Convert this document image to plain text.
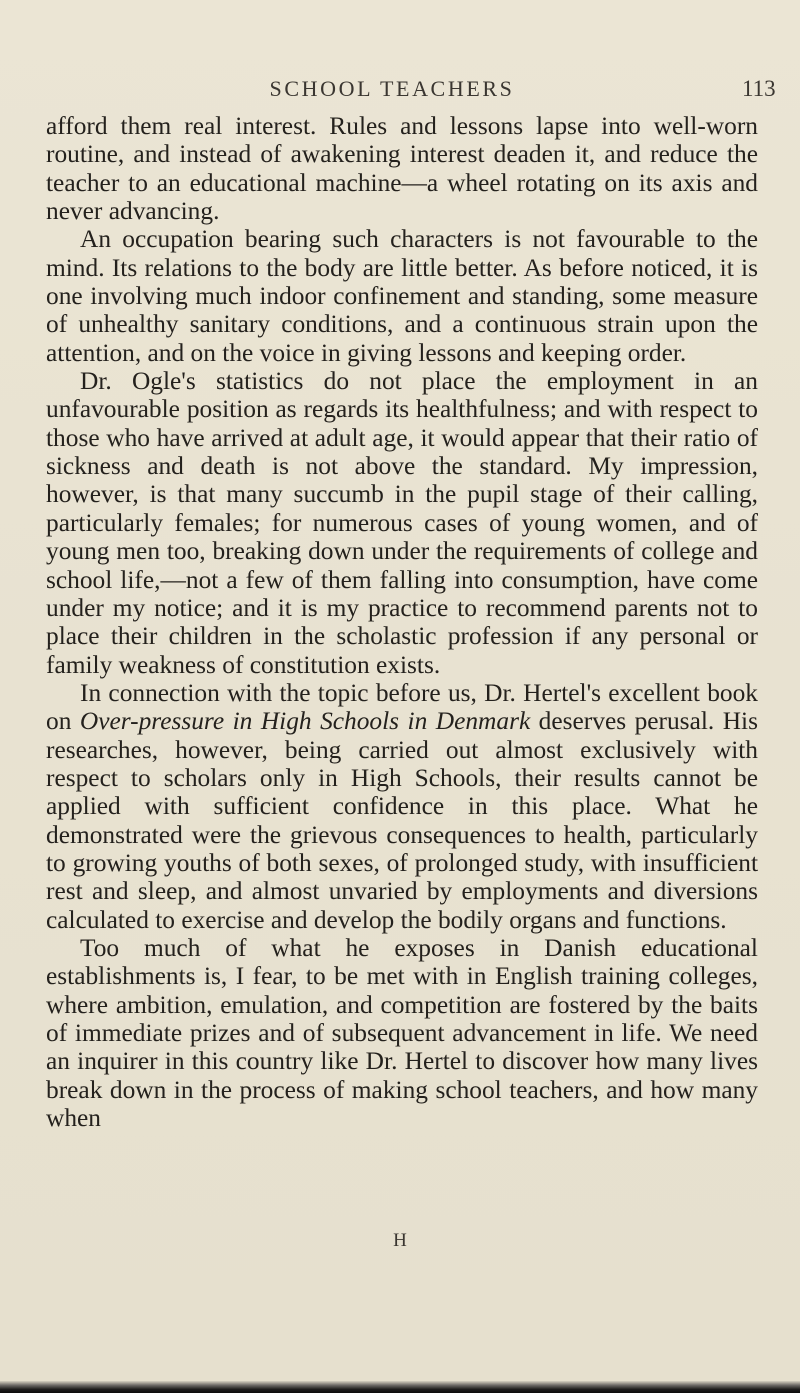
SCHOOL TEACHERS	113

afford them real interest. Rules and lessons lapse into well-worn routine, and instead of awakening interest deaden it, and reduce the teacher to an educational machine—a wheel rotating on its axis and never advancing.

An occupation bearing such characters is not favourable to the mind. Its relations to the body are little better. As before noticed, it is one involving much indoor confinement and standing, some measure of unhealthy sanitary conditions, and a continuous strain upon the attention, and on the voice in giving lessons and keeping order.

Dr. Ogle's statistics do not place the employment in an unfavourable position as regards its healthfulness; and with respect to those who have arrived at adult age, it would appear that their ratio of sickness and death is not above the standard. My impression, however, is that many succumb in the pupil stage of their calling, particularly females; for numerous cases of young women, and of young men too, breaking down under the requirements of college and school life,—not a few of them falling into consumption, have come under my notice; and it is my practice to recommend parents not to place their children in the scholastic profession if any personal or family weakness of constitution exists.

In connection with the topic before us, Dr. Hertel's excellent book on Over-pressure in High Schools in Denmark deserves perusal. His researches, however, being carried out almost exclusively with respect to scholars only in High Schools, their results cannot be applied with sufficient confidence in this place. What he demonstrated were the grievous consequences to health, particularly to growing youths of both sexes, of prolonged study, with insufficient rest and sleep, and almost unvaried by employments and diversions calculated to exercise and develop the bodily organs and functions.

Too much of what he exposes in Danish educational establishments is, I fear, to be met with in English training colleges, where ambition, emulation, and competition are fostered by the baits of immediate prizes and of subsequent advancement in life. We need an inquirer in this country like Dr. Hertel to discover how many lives break down in the process of making school teachers, and how many when

H
